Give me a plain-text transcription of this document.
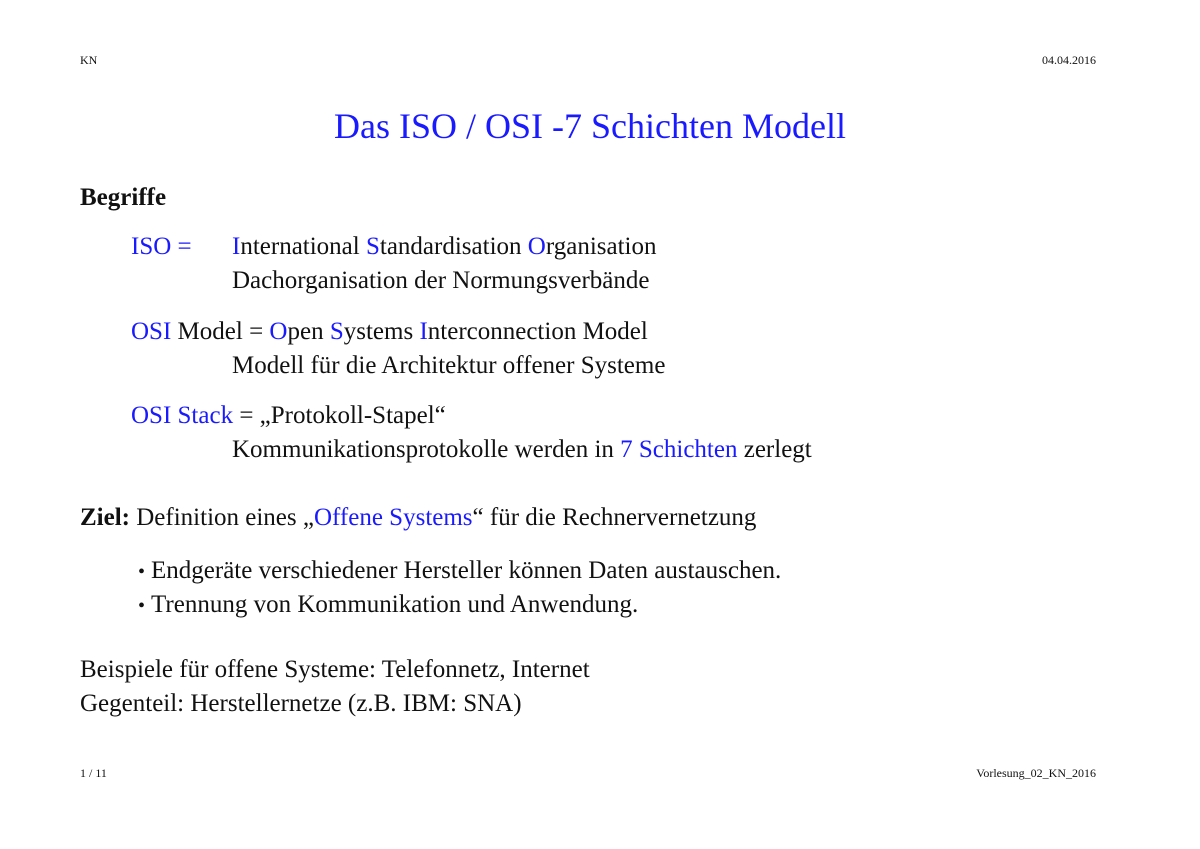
KN	04.04.2016
Das ISO / OSI -7 Schichten Modell
Begriffe
ISO = International Standardisation Organisation
Dachorganisation der Normungsverbände
OSI Model = Open Systems Interconnection Model
Modell für die Architektur offener Systeme
OSI Stack = „Protokoll-Stapel“
Kommunikationsprotokolle werden in 7 Schichten zerlegt
Ziel: Definition eines „Offene Systems“ für die Rechnervernetzung
• Endgeräte verschiedener Hersteller können Daten austauschen.
• Trennung von Kommunikation und Anwendung.
Beispiele für offene Systeme: Telefonnetz, Internet
Gegenteil: Herstellernetze (z.B. IBM: SNA)
1 / 11	Vorlesung_02_KN_2016
